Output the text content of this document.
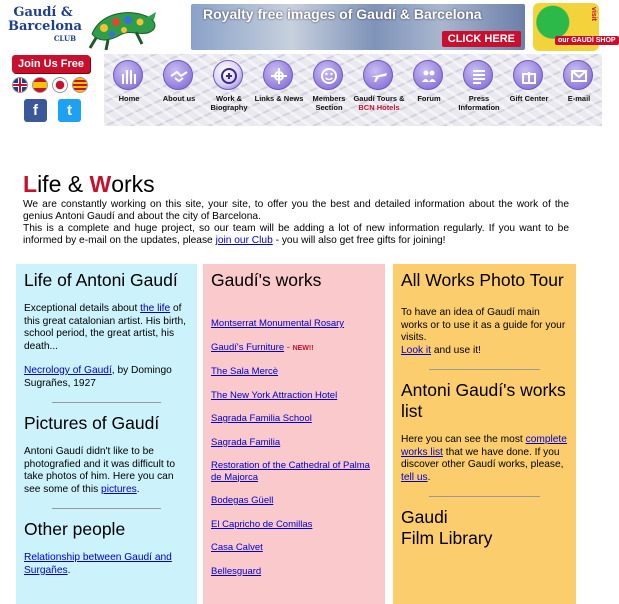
Gaudí &
Barcelona
CLUB
Join Us Free
f	t
Royalty free images of Gaudí & Barcelona
CLICK HERE	our GAUDÍ SHOP
visit
Home	About us	Work & Biography
Links & News	Members Section
Gaudí Tours &
BCN Hotels
Forum	Press Information
Gift Center	E-mail
Life & Works

We are constantly working on this site, your site, to offer you the best and detailed information about the work of the genius Antoni Gaudí and about the city of Barcelona.

This is a complete and huge project, so our team will be adding a lot of new information regularly. If you want to be informed by e-mail on the updates, please join our Club - you will also get free gifts for joining!

Life of Antoni Gaudí
Exceptional details about the life of this great catalonian artist. His birth, school period, the great artist, his death...
Necrology of Gaudí, by Domingo Sugrañes, 1927
Pictures of Gaudí
Antoni Gaudí didn't like to be photografied and it was difficult to take photos of him. Here you can see some of this pictures.
Other people
Relationship between Gaudí and Surgañes.
Gaudí's works
Montserrat Monumental Rosary
Gaudí's Furniture - NEW!!
The Sala Mercè
The New York Attraction Hotel
Sagrada Familia School
Sagrada Familia
Restoration of the Cathedral of Palma de Majorca
Bodegas Güell
El Capricho de Comillas
Casa Calvet
Bellesguard
All Works Photo Tour
To have an idea of Gaudí main works or to use it as a guide for your visits.
Look it and use it!
Antoni Gaudí's works list
Here you can see the most complete works list that we have done. If you discover other Gaudí works, please, tell us.
Gaudi
Film Library
